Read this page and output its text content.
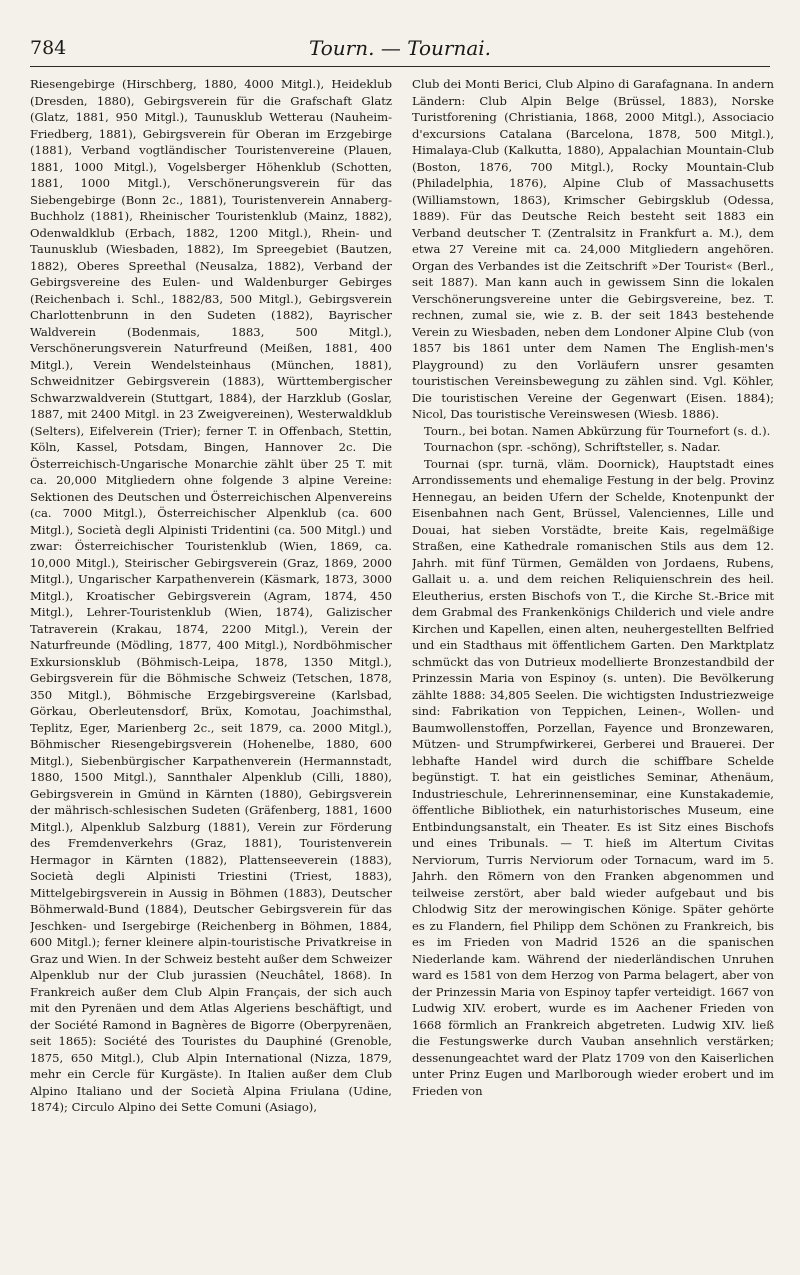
784	Tourn. — Tournai.

Riesengebirge (Hirschberg, 1880, 4000 Mitgl.), Heideklub (Dresden, 1880), Gebirgsverein für die Grafschaft Glatz (Glatz, 1881, 950 Mitgl.), Taunusklub Wetterau (Nauheim-Friedberg, 1881), Gebirgsverein für Oberan im Erzgebirge (1881), Verband vogtländischer Touristenvereine (Plauen, 1881, 1000 Mitgl.), Vogelsberger Höhenklub (Schotten, 1881, 1000 Mitgl.), Verschönerungsverein für das Siebengebirge (Bonn 2c., 1881), Touristenverein Annaberg-Buchholz (1881), Rheinischer Touristenklub (Mainz, 1882), Odenwaldklub (Erbach, 1882, 1200 Mitgl.), Rhein- und Taunusklub (Wiesbaden, 1882), Im Spreegebiet (Bautzen, 1882), Oberes Spreethal (Neusalza, 1882), Verband der Gebirgsvereine des Eulen- und Waldenburger Gebirges (Reichenbach i. Schl., 1882/83, 500 Mitgl.), Gebirgsverein Charlottenbrunn in den Sudeten (1882), Bayrischer Waldverein (Bodenmais, 1883, 500 Mitgl.), Verschönerungsverein Naturfreund (Meißen, 1881, 400 Mitgl.), Verein Wendelsteinhaus (München, 1881), Schweidnitzer Gebirgsverein (1883), Württembergischer Schwarzwaldverein (Stuttgart, 1884), der Harzklub (Goslar, 1887, mit 2400 Mitgl. in 23 Zweigvereinen), Westerwaldklub (Selters), Eifelverein (Trier); ferner T. in Offenbach, Stettin, Köln, Kassel, Potsdam, Bingen, Hannover 2c. Die Österreichisch-Ungarische Monarchie zählt über 25 T. mit ca. 20,000 Mitgliedern ohne folgende 3 alpine Vereine: Sektionen des Deutschen und Österreichischen Alpenvereins (ca. 7000 Mitgl.), Österreichischer Alpenklub (ca. 600 Mitgl.), Società degli Alpinisti Tridentini (ca. 500 Mitgl.) und zwar: Österreichischer Touristenklub (Wien, 1869, ca. 10,000 Mitgl.), Steirischer Gebirgsverein (Graz, 1869, 2000 Mitgl.), Ungarischer Karpathenverein (Käsmark, 1873, 3000 Mitgl.), Kroatischer Gebirgsverein (Agram, 1874, 450 Mitgl.), Lehrer-Touristenklub (Wien, 1874), Galizischer Tatraverein (Krakau, 1874, 2200 Mitgl.), Verein der Naturfreunde (Mödling, 1877, 400 Mitgl.), Nordböhmischer Exkursionsklub (Böhmisch-Leipa, 1878, 1350 Mitgl.), Gebirgsverein für die Böhmische Schweiz (Tetschen, 1878, 350 Mitgl.), Böhmische Erzgebirgsvereine (Karlsbad, Görkau, Oberleutensdorf, Brüx, Komotau, Joachimsthal, Teplitz, Eger, Marienberg 2c., seit 1879, ca. 2000 Mitgl.), Böhmischer Riesengebirgsverein (Hohenelbe, 1880, 600 Mitgl.), Siebenbürgischer Karpathenverein (Hermannstadt, 1880, 1500 Mitgl.), Sannthaler Alpenklub (Cilli, 1880), Gebirgsverein in Gmünd in Kärnten (1880), Gebirgsverein der mährisch-schlesischen Sudeten (Gräfenberg, 1881, 1600 Mitgl.), Alpenklub Salzburg (1881), Verein zur Förderung des Fremdenverkehrs (Graz, 1881), Touristenverein Hermagor in Kärnten (1882), Plattenseeverein (1883), Società degli Alpinisti Triestini (Triest, 1883), Mittelgebirgsverein in Aussig in Böhmen (1883), Deutscher Böhmerwald-Bund (1884), Deutscher Gebirgsverein für das Jeschken- und Isergebirge (Reichenberg in Böhmen, 1884, 600 Mitgl.); ferner kleinere alpin-touristische Privatkreise in Graz und Wien. In der Schweiz besteht außer dem Schweizer Alpenklub nur der Club jurassien (Neuchâtel, 1868). In Frankreich außer dem Club Alpin Français, der sich auch mit den Pyrenäen und dem Atlas Algeriens beschäftigt, und der Société Ramond in Bagnères de Bigorre (Oberpyrenäen, seit 1865): Société des Touristes du Dauphiné (Grenoble, 1875, 650 Mitgl.), Club Alpin International (Nizza, 1879, mehr ein Cercle für Kurgäste). In Italien außer dem Club Alpino Italiano und der Società Alpina Friulana (Udine, 1874); Circulo Alpino dei Sette Comuni (Asiago),

Club dei Monti Berici, Club Alpino di Garafagnana. In andern Ländern: Club Alpin Belge (Brüssel, 1883), Norske Turistforening (Christiania, 1868, 2000 Mitgl.), Associacio d'excursions Catalana (Barcelona, 1878, 500 Mitgl.), Himalaya-Club (Kalkutta, 1880), Appalachian Mountain-Club (Boston, 1876, 700 Mitgl.), Rocky Mountain-Club (Philadelphia, 1876), Alpine Club of Massachusetts (Williamstown, 1863), Krimscher Gebirgsklub (Odessa, 1889). Für das Deutsche Reich besteht seit 1883 ein Verband deutscher T. (Zentralsitz in Frankfurt a. M.), dem etwa 27 Vereine mit ca. 24,000 Mitgliedern angehören. Organ des Verbandes ist die Zeitschrift »Der Tourist« (Berl., seit 1887). Man kann auch in gewissem Sinn die lokalen Verschönerungsvereine unter die Gebirgsvereine, bez. T. rechnen, zumal sie, wie z. B. der seit 1843 bestehende Verein zu Wiesbaden, neben dem Londoner Alpine Club (von 1857 bis 1861 unter dem Namen The English-men's Playground) zu den Vorläufern unsrer gesamten touristischen Vereinsbewegung zu zählen sind. Vgl. Köhler, Die touristischen Vereine der Gegenwart (Eisen. 1884); Nicol, Das touristische Vereinswesen (Wiesb. 1886).

Tourn., bei botan. Namen Abkürzung für Tournefort (s. d.).

Tournachon (spr. -schöng), Schriftsteller, s. Nadar.

Tournai (spr. turnä, vläm. Doornick), Hauptstadt eines Arrondissements und ehemalige Festung in der belg. Provinz Hennegau, an beiden Ufern der Schelde, Knotenpunkt der Eisenbahnen nach Gent, Brüssel, Valenciennes, Lille und Douai, hat sieben Vorstädte, breite Kais, regelmäßige Straßen, eine Kathedrale romanischen Stils aus dem 12. Jahrh. mit fünf Türmen, Gemälden von Jordaens, Rubens, Gallait u. a. und dem reichen Reliquienschrein des heil. Eleutherius, ersten Bischofs von T., die Kirche St.-Brice mit dem Grabmal des Frankenkönigs Childerich und viele andre Kirchen und Kapellen, einen alten, neuhergestellten Belfried und ein Stadthaus mit öffentlichem Garten. Den Marktplatz schmückt das von Dutrieux modellierte Bronzestandbild der Prinzessin Maria von Espinoy (s. unten). Die Bevölkerung zählte 1888: 34,805 Seelen. Die wichtigsten Industriezweige sind: Fabrikation von Teppichen, Leinen-, Wollen- und Baumwollenstoffen, Porzellan, Fayence und Bronzewaren, Mützen- und Strumpfwirkerei, Gerberei und Brauerei. Der lebhafte Handel wird durch die schiffbare Schelde begünstigt. T. hat ein geistliches Seminar, Athenäum, Industrieschule, Lehrerinnenseminar, eine Kunstakademie, öffentliche Bibliothek, ein naturhistorisches Museum, eine Entbindungsanstalt, ein Theater. Es ist Sitz eines Bischofs und eines Tribunals. — T. hieß im Altertum Civitas Nerviorum, Turris Nerviorum oder Tornacum, ward im 5. Jahrh. den Römern von den Franken abgenommen und teilweise zerstört, aber bald wieder aufgebaut und bis Chlodwig Sitz der merowingischen Könige. Später gehörte es zu Flandern, fiel Philipp dem Schönen zu Frankreich, bis es im Frieden von Madrid 1526 an die spanischen Niederlande kam. Während der niederländischen Unruhen ward es 1581 von dem Herzog von Parma belagert, aber von der Prinzessin Maria von Espinoy tapfer verteidigt. 1667 von Ludwig XIV. erobert, wurde es im Aachener Frieden von 1668 förmlich an Frankreich abgetreten. Ludwig XIV. ließ die Festungswerke durch Vauban ansehnlich verstärken; dessenungeachtet ward der Platz 1709 von den Kaiserlichen unter Prinz Eugen und Marlborough wieder erobert und im Frieden von
